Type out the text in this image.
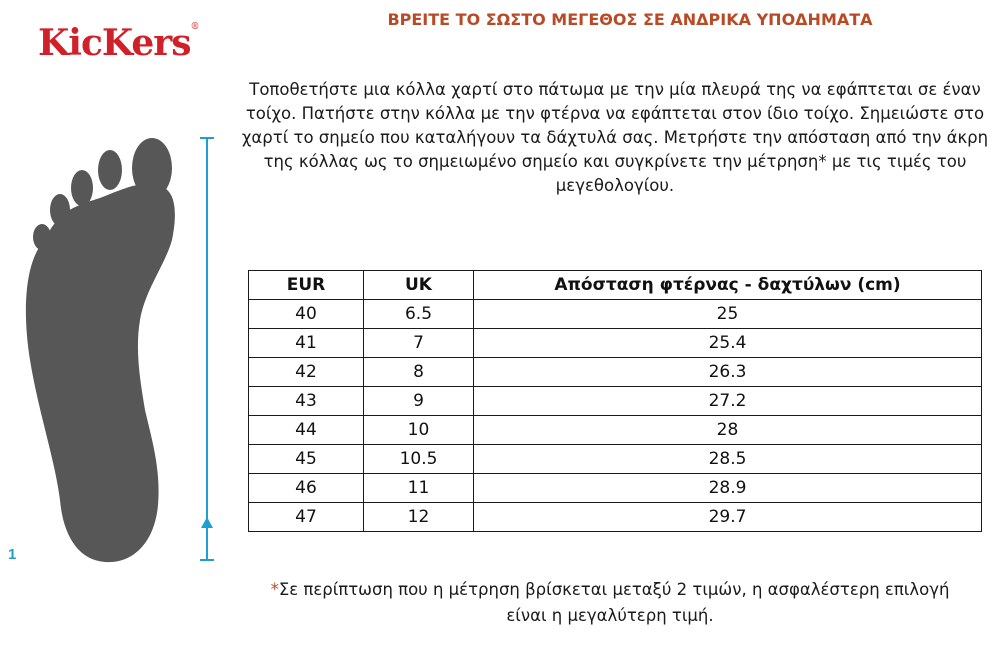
KicKers®	ΒΡΕΙΤΕ ΤΟ ΣΩΣΤΟ ΜΕΓΕΘΟΣ ΣΕ ΑΝΔΡΙΚΑ ΥΠΟΔΗΜΑΤΑ
Τοποθετήστε μια κόλλα χαρτί στο πάτωμα με την μία πλευρά της να εφάπτεται σε έναν τοίχο. Πατήστε στην κόλλα με την φτέρνα να εφάπτεται στον ίδιο τοίχο. Σημειώστε στο χαρτί το σημείο που καταλήγουν τα δάχτυλά σας. Μετρήστε την απόσταση από την άκρη της κόλλας ως το σημειωμένο σημείο και συγκρίνετε την μέτρηση* με τις τιμές του μεγεθολογίου.
1
EUR	UK	Απόσταση φτέρνας - δαχτύλων (cm)
40	6.5	25
41	7	25.4
42	8	26.3
43	9	27.2
44	10	28
45	10.5	28.5
46	11	28.9
47	12	29.7
*Σε περίπτωση που η μέτρηση βρίσκεται μεταξύ 2 τιμών, η ασφαλέστερη επιλογή είναι η μεγαλύτερη τιμή.
